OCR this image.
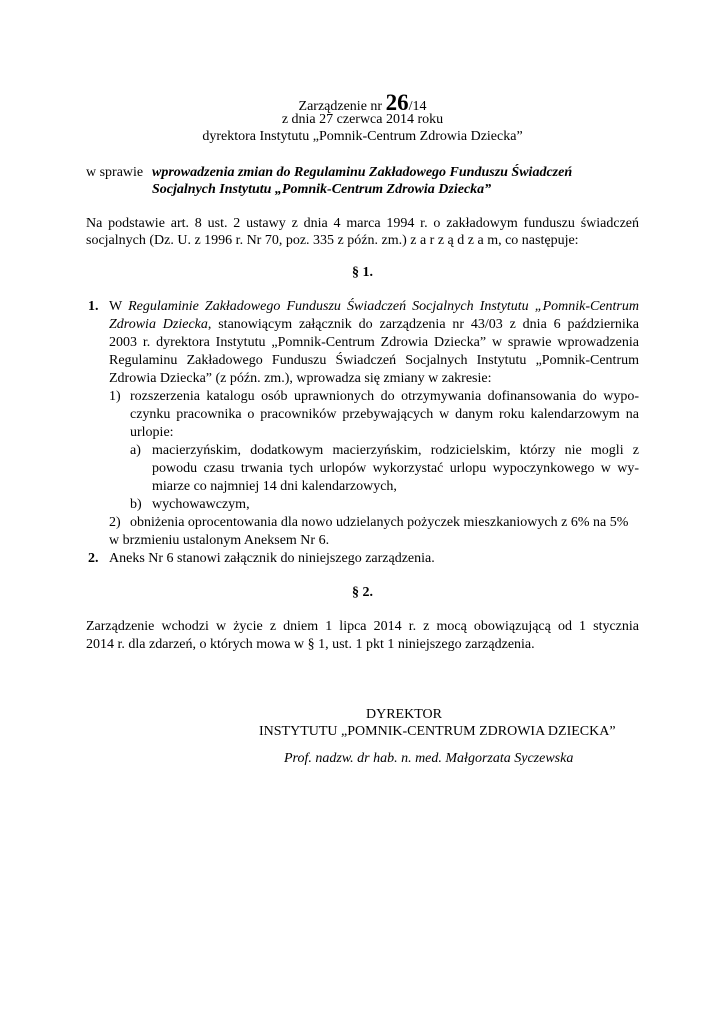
Zarządzenie nr 26/14
z dnia 27 czerwca 2014 roku
dyrektora Instytutu „Pomnik-Centrum Zdrowia Dziecka”
w sprawie wprowadzenia zmian do Regulaminu Zakładowego Funduszu Świadczeń
Socjalnych Instytutu „Pomnik-Centrum Zdrowia Dziecka”
Na podstawie art. 8 ust. 2 ustawy z dnia 4 marca 1994 r. o zakładowym funduszu świadczeń
socjalnych (Dz. U. z 1996 r. Nr 70, poz. 335 z późn. zm.) z a r z ą d z a m, co następuje:
§ 1.
1. W Regulaminie Zakładowego Funduszu Świadczeń Socjalnych Instytutu „Pomnik-Centrum
Zdrowia Dziecka, stanowiącym załącznik do zarządzenia nr 43/03 z dnia 6 października
2003 r. dyrektora Instytutu „Pomnik-Centrum Zdrowia Dziecka” w sprawie wprowadzenia
Regulaminu Zakładowego Funduszu Świadczeń Socjalnych Instytutu „Pomnik-Centrum
Zdrowia Dziecka” (z późn. zm.), wprowadza się zmiany w zakresie:
1) rozszerzenia katalogu osób uprawnionych do otrzymywania dofinansowania do wypo-
czynku pracownika o pracowników przebywających w danym roku kalendarzowym na
urlopie:
a) macierzyńskim, dodatkowym macierzyńskim, rodzicielskim, którzy nie mogli z
powodu czasu trwania tych urlopów wykorzystać urlopu wypoczynkowego w wy-
miarze co najmniej 14 dni kalendarzowych,
b) wychowawczym,
2) obniżenia oprocentowania dla nowo udzielanych pożyczek mieszkaniowych z 6% na 5%
w brzmieniu ustalonym Aneksem Nr 6.
2. Aneks Nr 6 stanowi załącznik do niniejszego zarządzenia.
§ 2.
Zarządzenie wchodzi w życie z dniem 1 lipca 2014 r. z mocą obowiązującą od 1 stycznia
2014 r. dla zdarzeń, o których mowa w § 1, ust. 1 pkt 1 niniejszego zarządzenia.
DYREKTOR
INSTYTUTU „POMNIK-CENTRUM ZDROWIA DZIECKA”
Prof. nadzw. dr hab. n. med. Małgorzata Syczewska
